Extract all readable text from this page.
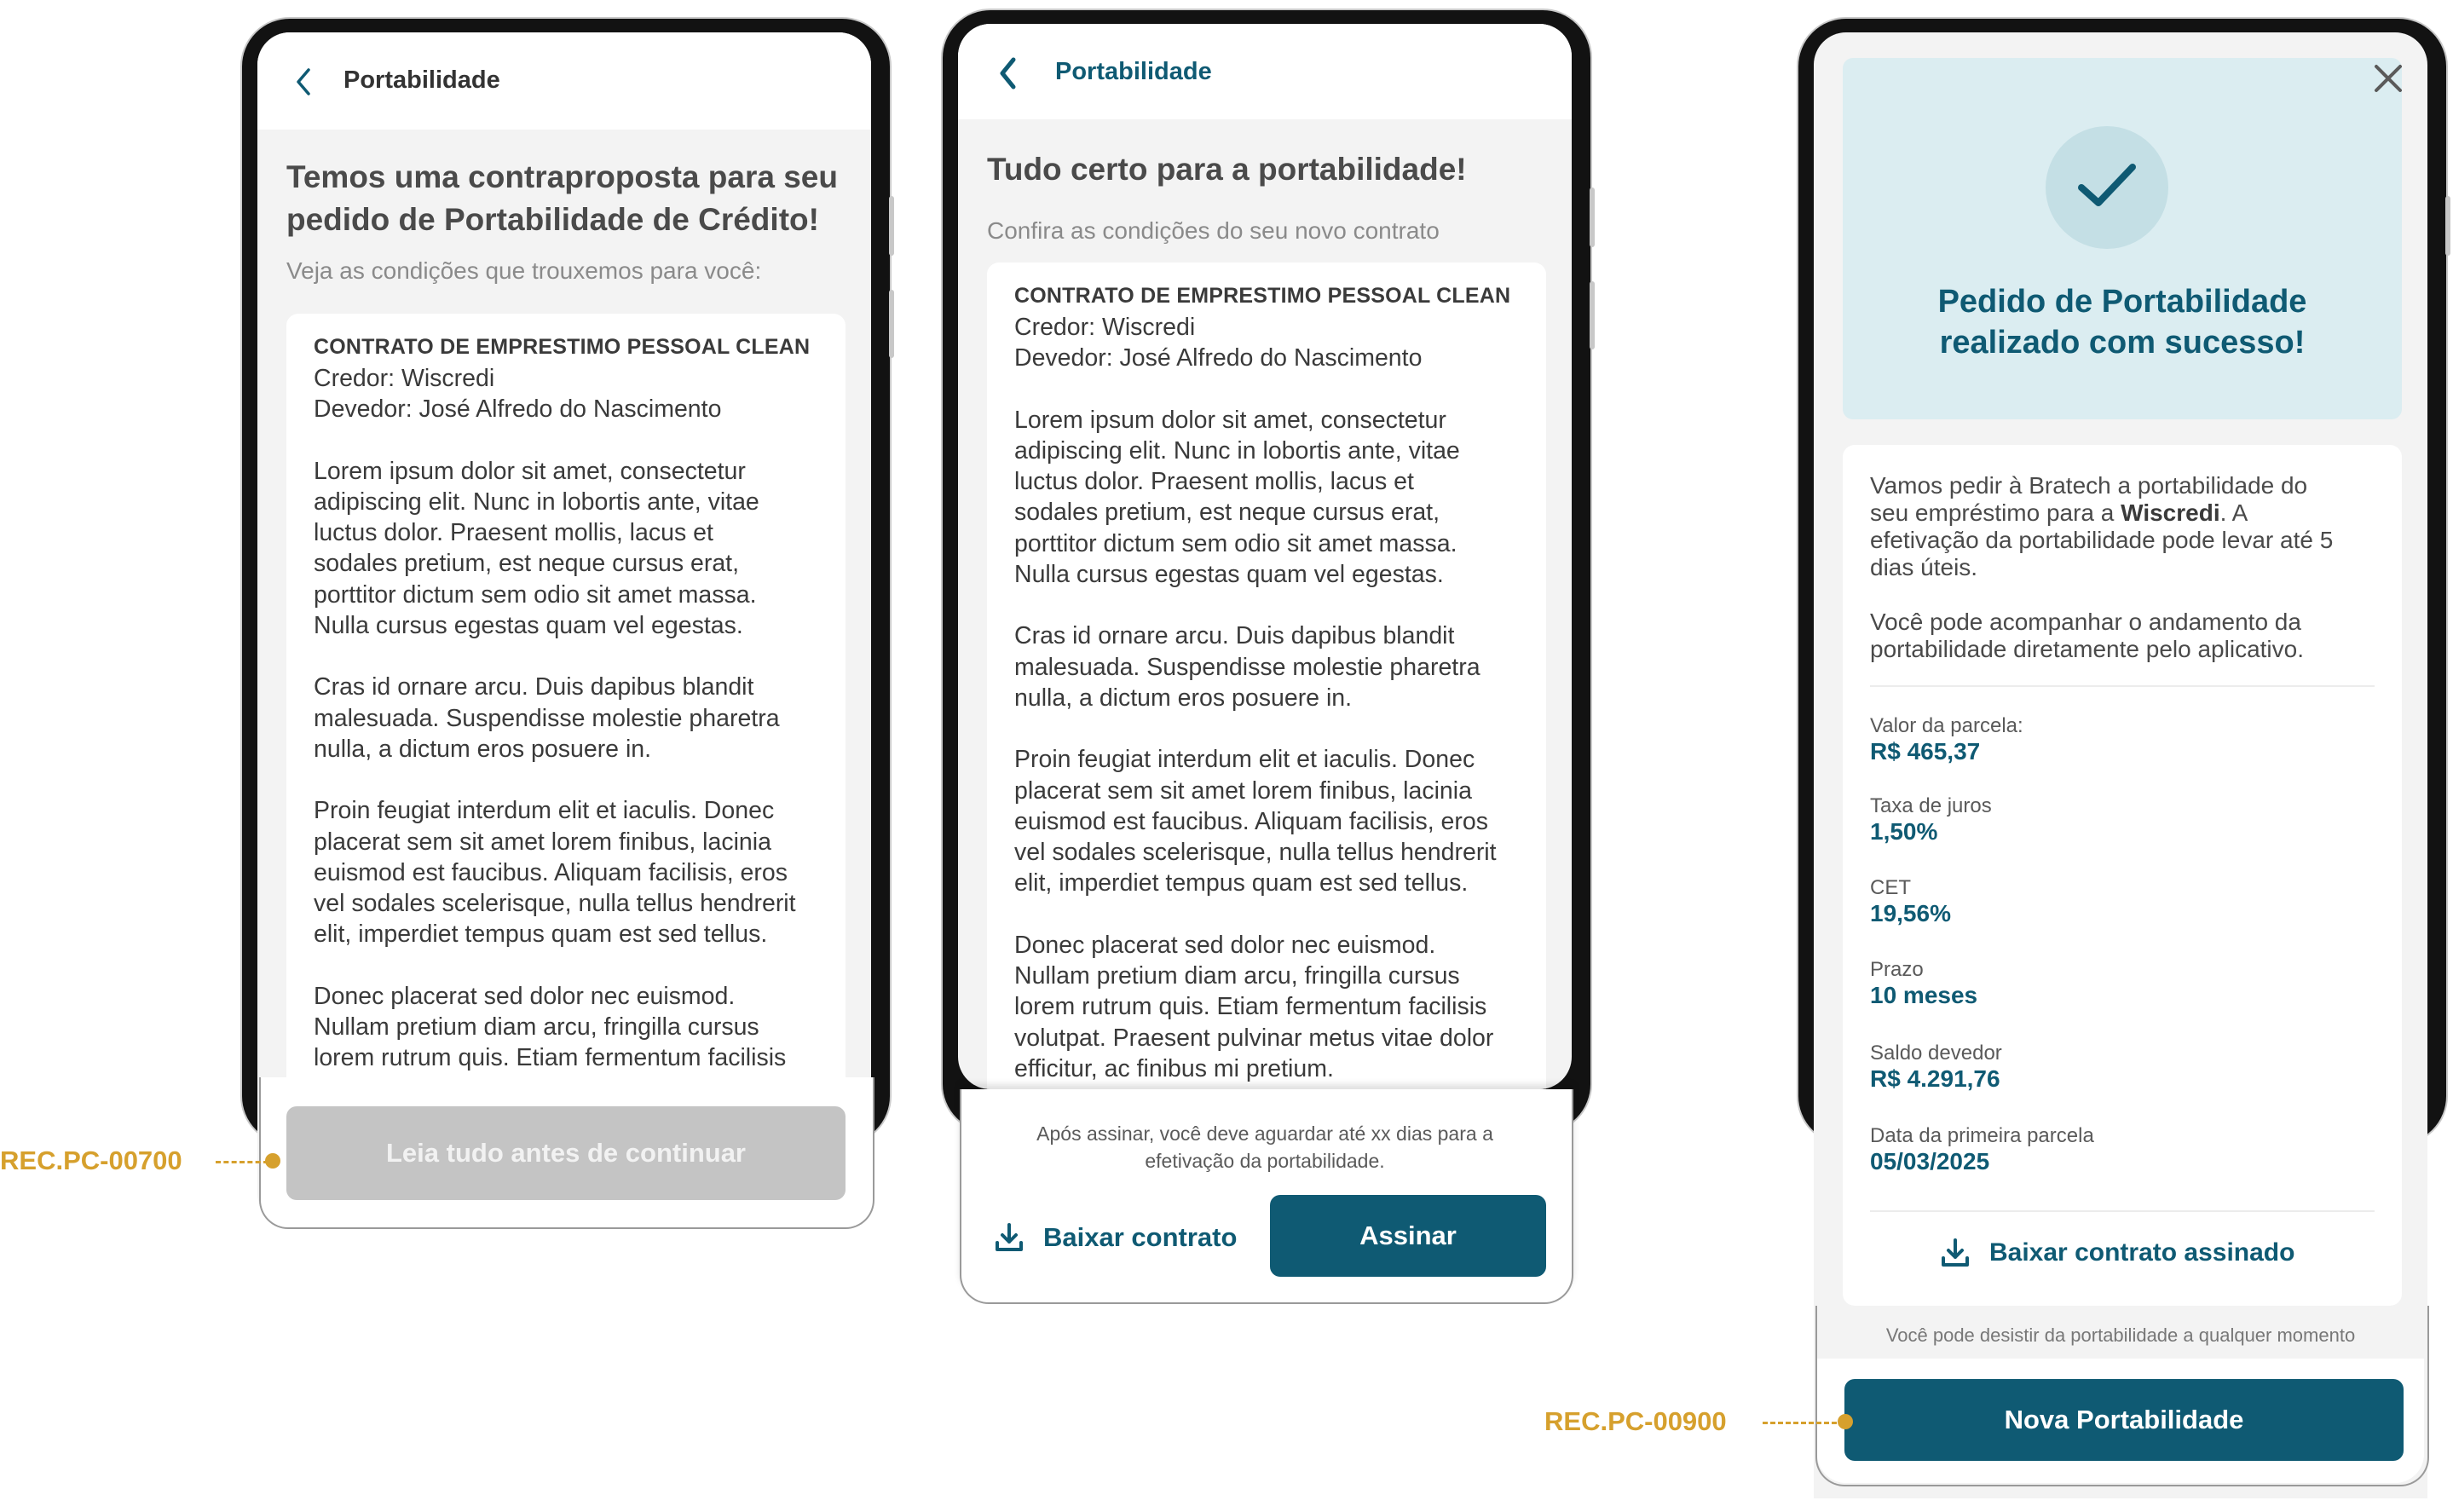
Portabilidade
Temos uma contraproposta para seu
pedido de Portabilidade de Crédito!
Veja as condições que trouxemos para você:
CONTRATO DE EMPRESTIMO PESSOAL CLEAN
Credor: Wiscredi

Devedor: José Alfredo do Nascimento

Lorem ipsum dolor sit amet, consectetur
adipiscing elit. Nunc in lobortis ante, vitae
luctus dolor. Praesent mollis, lacus et
sodales pretium, est neque cursus erat,
porttitor dictum sem odio sit amet massa.
Nulla cursus egestas quam vel egestas.

Cras id ornare arcu. Duis dapibus blandit
malesuada. Suspendisse molestie pharetra
nulla, a dictum eros posuere in.

Proin feugiat interdum elit et iaculis. Donec
placerat sem sit amet lorem finibus, lacinia
euismod est faucibus. Aliquam facilisis, eros
vel sodales scelerisque, nulla tellus hendrerit
elit, imperdiet tempus quam est sed tellus.

Donec placerat sed dolor nec euismod.
Nullam pretium diam arcu, fringilla cursus
lorem rutrum quis. Etiam fermentum facilisis

Leia tudo antes de continuar
REC.PC-00700
Portabilidade
Tudo certo para a portabilidade!
Confira as condições do seu novo contrato
CONTRATO DE EMPRESTIMO PESSOAL CLEAN
Credor: Wiscredi

Devedor: José Alfredo do Nascimento

Lorem ipsum dolor sit amet, consectetur
adipiscing elit. Nunc in lobortis ante, vitae
luctus dolor. Praesent mollis, lacus et
sodales pretium, est neque cursus erat,
porttitor dictum sem odio sit amet massa.
Nulla cursus egestas quam vel egestas.

Cras id ornare arcu. Duis dapibus blandit
malesuada. Suspendisse molestie pharetra
nulla, a dictum eros posuere in.

Proin feugiat interdum elit et iaculis. Donec
placerat sem sit amet lorem finibus, lacinia
euismod est faucibus. Aliquam facilisis, eros
vel sodales scelerisque, nulla tellus hendrerit
elit, imperdiet tempus quam est sed tellus.

Donec placerat sed dolor nec euismod.
Nullam pretium diam arcu, fringilla cursus
lorem rutrum quis. Etiam fermentum facilisis
volutpat. Praesent pulvinar metus vitae dolor
efficitur, ac finibus mi pretium.

Após assinar, você deve aguardar até xx dias para a
efetivação da portabilidade.
Baixar contrato	Assinar
Pedido de Portabilidade
realizado com sucesso!
Vamos pedir à Bratech a portabilidade do
seu empréstimo para a Wiscredi. A
efetivação da portabilidade pode levar até 5
dias úteis.
Você pode acompanhar o andamento da
portabilidade diretamente pelo aplicativo.
Valor da parcela:
R$ 465,37
Taxa de juros
1,50%
CET
19,56%
Prazo
10 meses
Saldo devedor
R$ 4.291,76
Data da primeira parcela
05/03/2025
Baixar contrato assinado
Você pode desistir da portabilidade a qualquer momento
Nova Portabilidade
REC.PC-00900
